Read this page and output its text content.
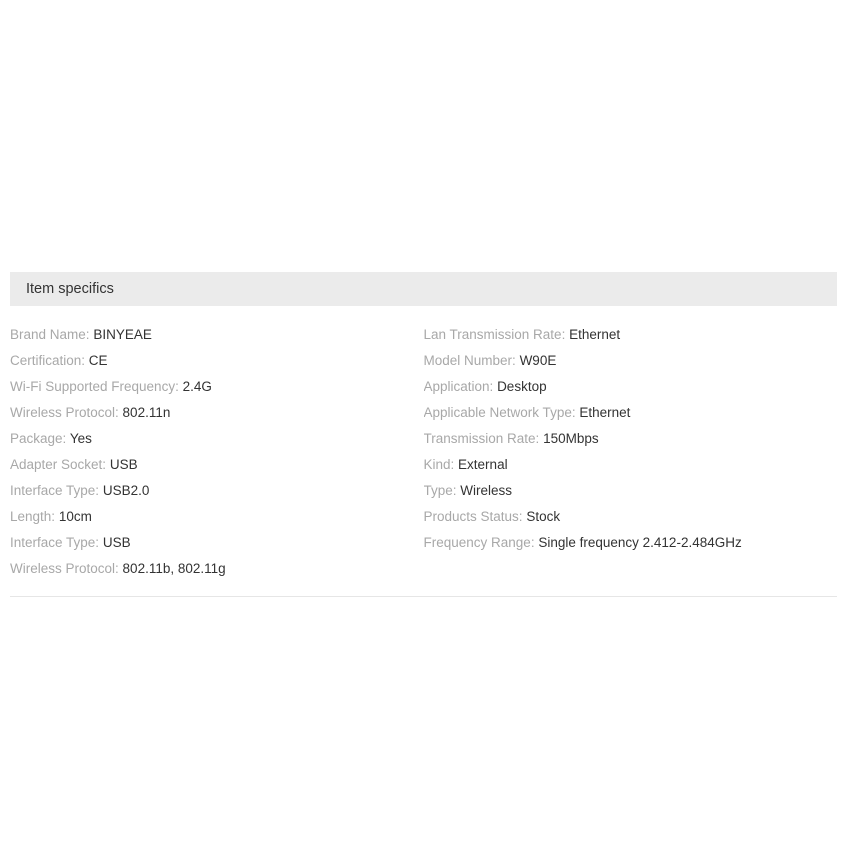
Item specifics
Brand Name: BINYEAE
Certification: CE
Wi-Fi Supported Frequency: 2.4G
Wireless Protocol: 802.11n
Package: Yes
Adapter Socket: USB
Interface Type: USB2.0
Length: 10cm
Interface Type: USB
Wireless Protocol: 802.11b, 802.11g
Lan Transmission Rate: Ethernet
Model Number: W90E
Application: Desktop
Applicable Network Type: Ethernet
Transmission Rate: 150Mbps
Kind: External
Type: Wireless
Products Status: Stock
Frequency Range: Single frequency 2.412-2.484GHz
